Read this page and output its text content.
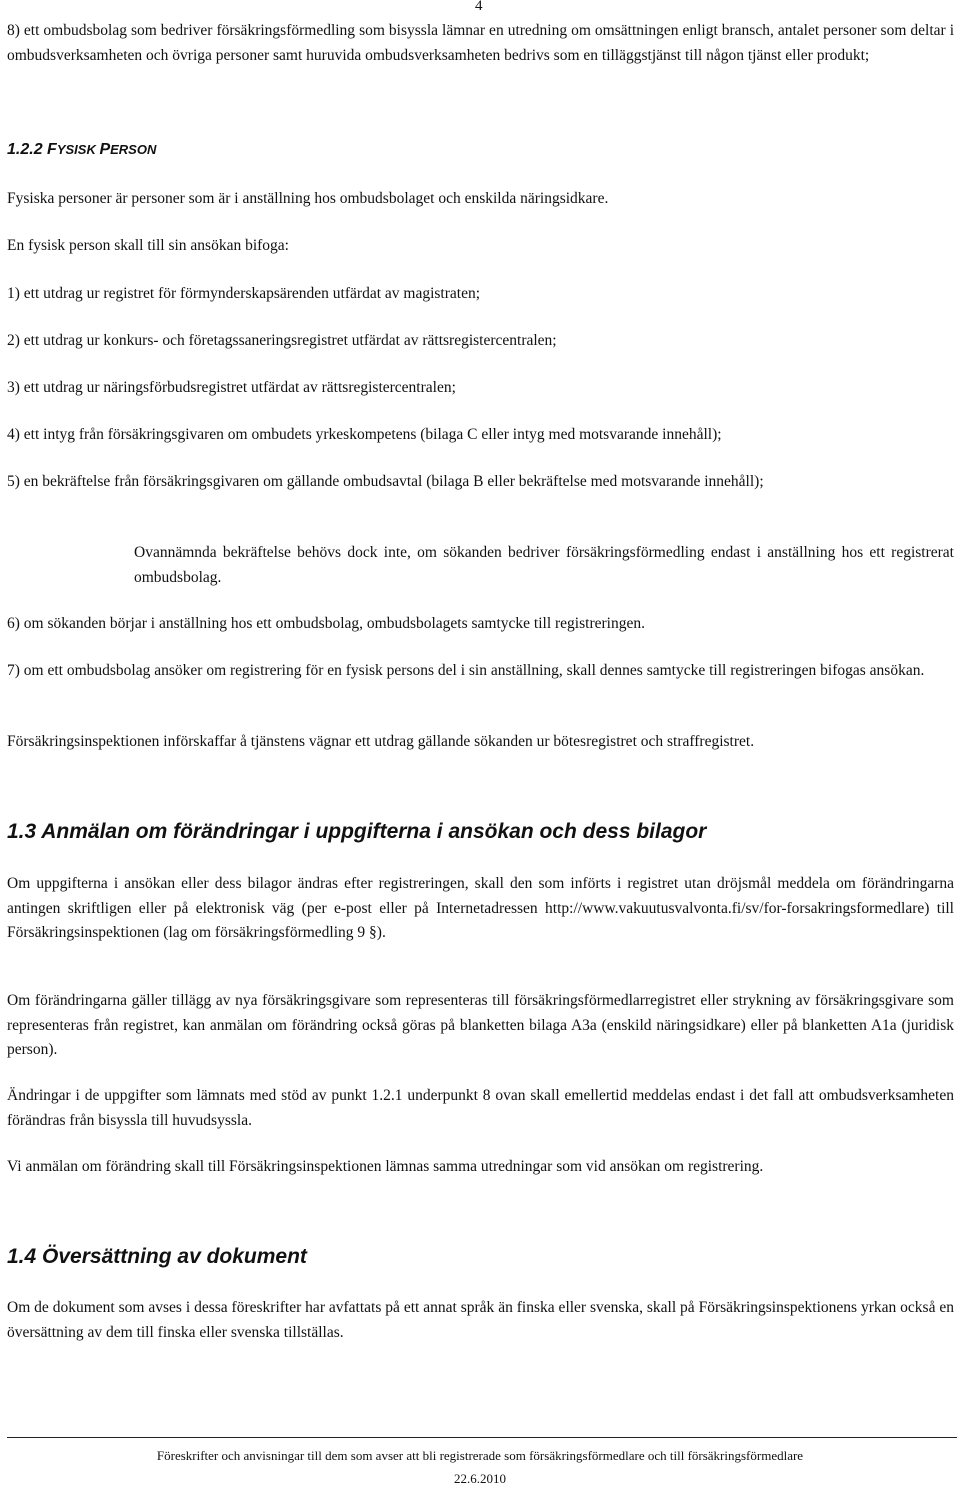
4

8) ett ombudsbolag som bedriver försäkringsförmedling som bisyssla lämnar en utredning om omsättningen enligt bransch, antalet personer som deltar i ombudsverksamheten och övriga personer samt huruvida ombudsverksamheten bedrivs som en tilläggstjänst till någon tjänst eller produkt;

1.2.2 FYSISK PERSON

Fysiska personer är personer som är i anställning hos ombudsbolaget och enskilda näringsidkare.

En fysisk person skall till sin ansökan bifoga:

1) ett utdrag ur registret för förmynderskapsärenden utfärdat av magistraten;

2) ett utdrag ur konkurs- och företagssaneringsregistret utfärdat av rättsregistercentralen;

3) ett utdrag ur näringsförbudsregistret utfärdat av rättsregistercentralen;

4) ett intyg från försäkringsgivaren om ombudets yrkeskompetens (bilaga C eller intyg med motsvarande innehåll);

5) en bekräftelse från försäkringsgivaren om gällande ombudsavtal (bilaga B eller bekräftelse med motsvarande innehåll);

Ovannämnda bekräftelse behövs dock inte, om sökanden bedriver försäkringsförmedling endast i anställning hos ett registrerat ombudsbolag.

6) om sökanden börjar i anställning hos ett ombudsbolag, ombudsbolagets samtycke till registreringen.

7) om ett ombudsbolag ansöker om registrering för en fysisk persons del i sin anställning, skall dennes samtycke till registreringen bifogas ansökan.

Försäkringsinspektionen införskaffar å tjänstens vägnar ett utdrag gällande sökanden ur bötesregistret och straffregistret.

1.3 Anmälan om förändringar i uppgifterna i ansökan och dess bilagor

Om uppgifterna i ansökan eller dess bilagor ändras efter registreringen, skall den som införts i registret utan dröjsmål meddela om förändringarna antingen skriftligen eller på elektronisk väg (per e-post eller på Internetadressen http://www.vakuutusvalvonta.fi/sv/for-forsakringsformedlare) till Försäkringsinspektionen (lag om försäkringsförmedling 9 §).

Om förändringarna gäller tillägg av nya försäkringsgivare som representeras till försäkringsförmedlarregistret eller strykning av försäkringsgivare som representeras från registret, kan anmälan om förändring också göras på blanketten bilaga A3a (enskild näringsidkare) eller på blanketten A1a (juridisk person).

Ändringar i de uppgifter som lämnats med stöd av punkt 1.2.1 underpunkt 8 ovan skall emellertid meddelas endast i det fall att ombudsverksamheten förändras från bisyssla till huvudsyssla.

Vi anmälan om förändring skall till Försäkringsinspektionen lämnas samma utredningar som vid ansökan om registrering.

1.4 Översättning av dokument

Om de dokument som avses i dessa föreskrifter har avfattats på ett annat språk än finska eller svenska, skall på Försäkringsinspektionens yrkan också en översättning av dem till finska eller svenska tillställas.

Föreskrifter och anvisningar till dem som avser att bli registrerade som försäkringsförmedlare och till försäkringsförmedlare
22.6.2010
